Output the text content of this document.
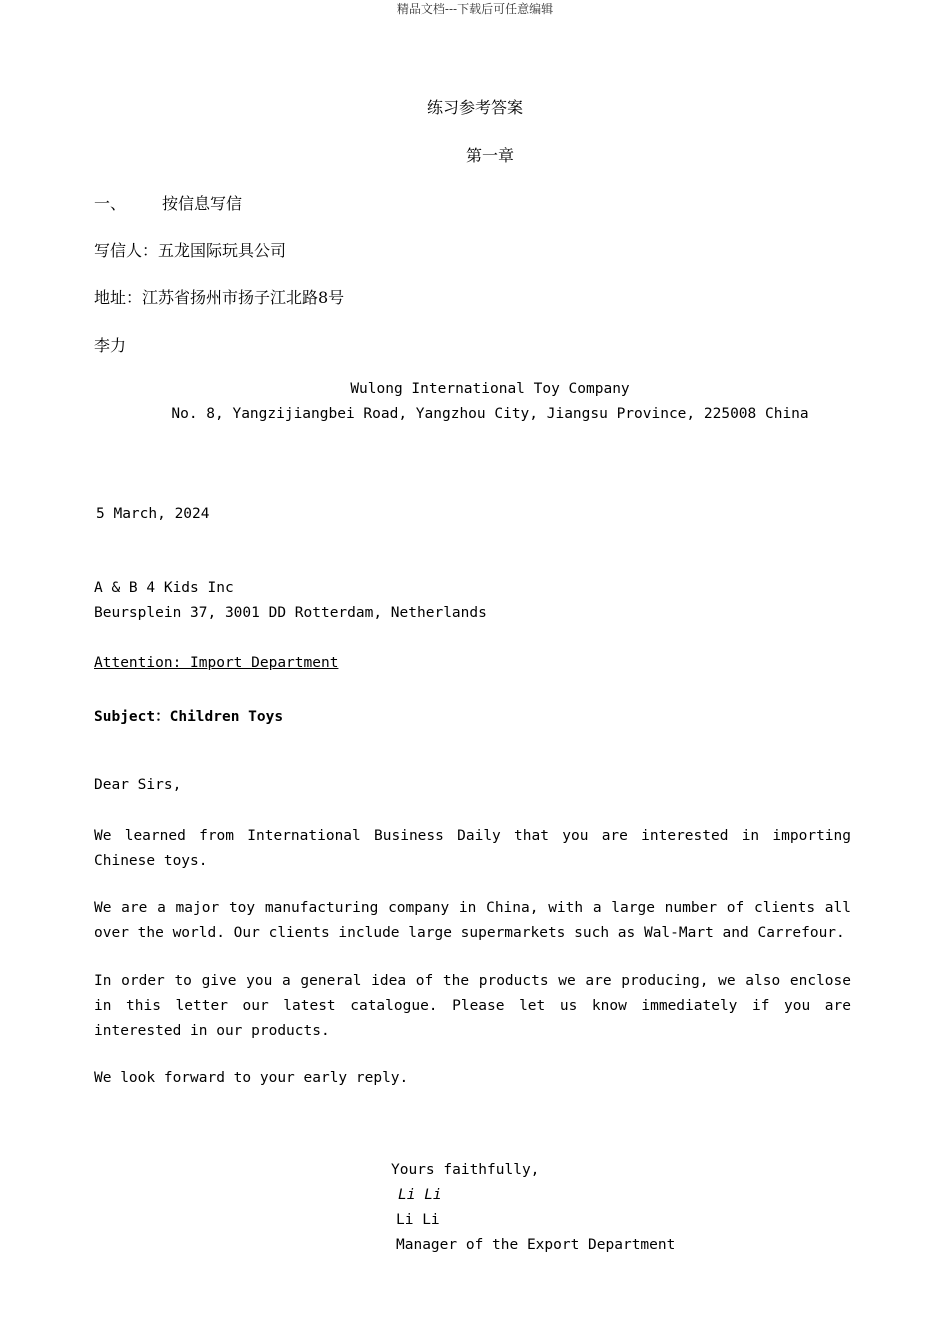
精品文档---下载后可任意编辑
练习参考答案
第一章
一、 按信息写信
写信人：五龙国际玩具公司
地址：江苏省扬州市扬子江北路8号
李力
Wulong International Toy Company
No. 8, Yangzijiangbei Road, Yangzhou City, Jiangsu Province, 225008 China
5 March, 2024
A & B 4 Kids Inc
Beursplein 37, 3001 DD Rotterdam, Netherlands
Attention: Import Department
Subject：Children Toys
Dear Sirs,
We learned from International Business Daily that you are interested in importing Chinese toys.
We are a major toy manufacturing company in China, with a large number of clients all over the world. Our clients include large supermarkets such as Wal-Mart and Carrefour.
In order to give you a general idea of the products we are producing, we also enclose in this letter our latest catalogue. Please let us know immediately if you are interested in our products.
We look forward to your early reply.
Yours faithfully,
Li Li
Li Li
Manager of the Export Department
